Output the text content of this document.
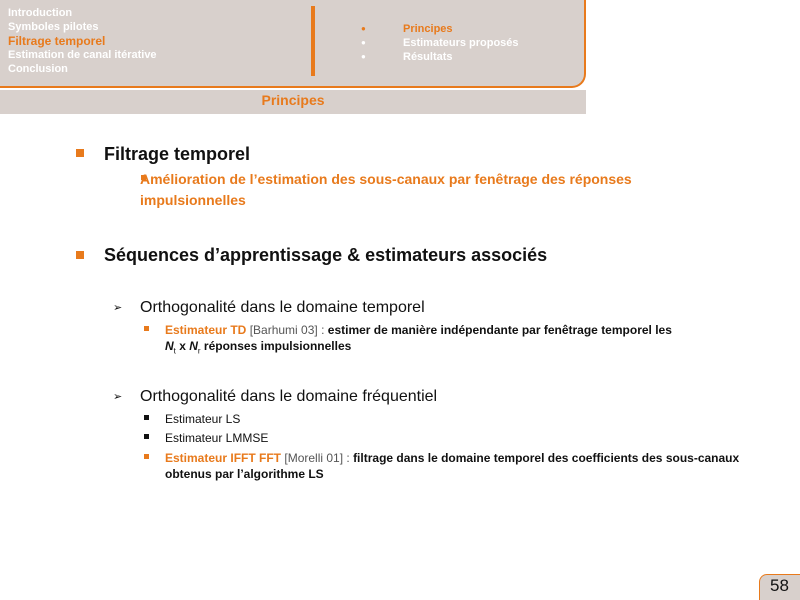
Introduction
Symboles pilotes
Filtrage temporel
Estimation de canal itérative
Conclusion
●	Principes
●	Estimateurs proposés
●	Résultats
Principes
Filtrage temporel
Amélioration de l’estimation des sous-canaux par fenêtrage des réponses impulsionnelles
Séquences d’apprentissage & estimateurs associés
➢ Orthogonalité dans le domaine temporel
Estimateur TD [Barhumi 03] : estimer de manière indépendante par fenêtrage temporel les
$N_t$ x $N_r$ réponses impulsionnelles
➢ Orthogonalité dans le domaine fréquentiel
Estimateur LS
Estimateur LMMSE
Estimateur IFFT FFT [Morelli 01] : filtrage dans le domaine temporel des coefficients des sous-canaux obtenus par l’algorithme LS
58
